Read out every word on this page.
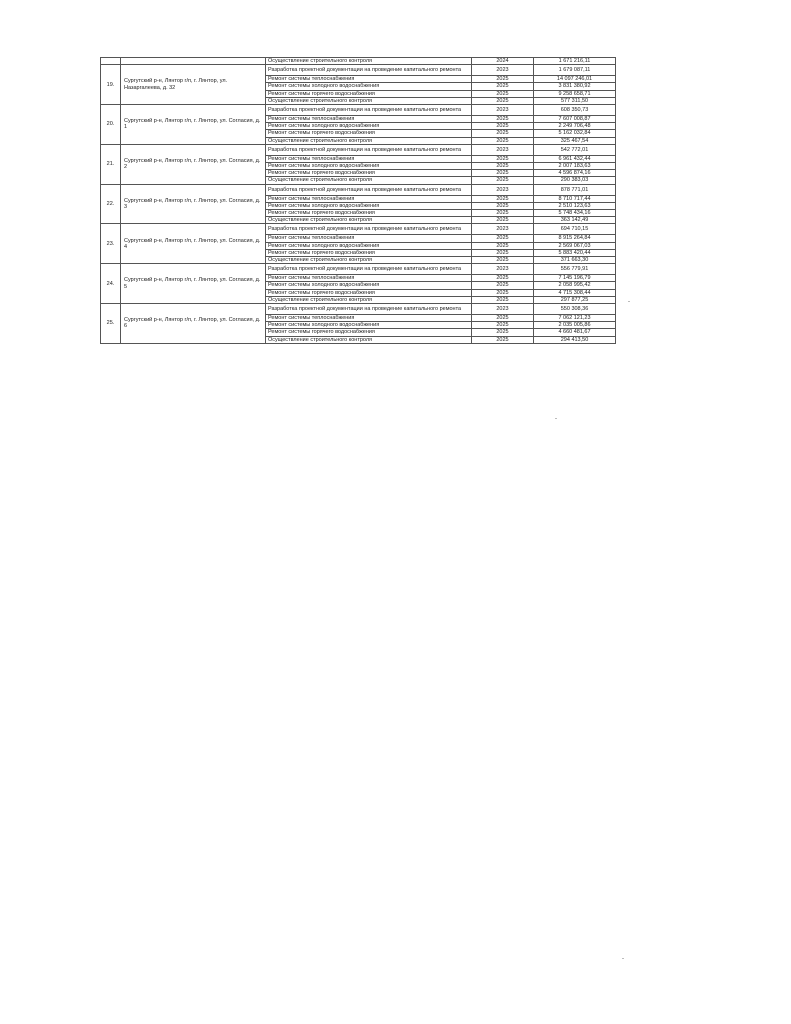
		Осуществление строительного контроля	2024	1 671 216,11	
19.	Сургутский р-н, Лянтор г/п, г. Лянтор, ул. Назаргалеева, д. 32	Разработка проектной документации на проведение капитального ремонта	2023	1 679 087,11	
		Ремонт системы теплоснабжения	2025	14 097 246,01	
		Ремонт системы холодного водоснабжения	2025	3 831 380,92	
		Ремонт системы горячего водоснабжения	2025	9 258 658,71	
		Осуществление строительного контроля	2025	577 311,50	
20.	Сургутский р-н, Лянтор г/п, г. Лянтор, ул. Согласия, д. 1	Разработка проектной документации на проведение капитального ремонта	2023	608 350,73	
		Ремонт системы теплоснабжения	2025	7 607 008,87	
		Ремонт системы холодного водоснабжения	2025	2 249 706,48	
		Ремонт системы горячего водоснабжения	2025	5 162 032,84	
		Осуществление строительного контроля	2025	325 467,54	
21.	Сургутский р-н, Лянтор г/п, г. Лянтор, ул. Согласия, д. 2	Разработка проектной документации на проведение капитального ремонта	2023	542 772,01	
		Ремонт системы теплоснабжения	2025	6 961 432,44	
		Ремонт системы холодного водоснабжения	2025	2 007 183,63	
		Ремонт системы горячего водоснабжения	2025	4 596 874,16	
		Осуществление строительного контроля	2025	290 383,03	
22.	Сургутский р-н, Лянтор г/п, г. Лянтор, ул. Согласия, д. 3	Разработка проектной документации на проведение капитального ремонта	2023	878 771,01	
		Ремонт системы теплоснабжения	2025	8 710 717,44	
		Ремонт системы холодного водоснабжения	2025	2 510 123,63	
		Ремонт системы горячего водоснабжения	2025	5 748 434,16	
		Осуществление строительного контроля	2025	363 142,49	
23.	Сургутский р-н, Лянтор г/п, г. Лянтор, ул. Согласия, д. 4	Разработка проектной документации на проведение капитального ремонта	2023	694 710,15	
		Ремонт системы теплоснабжения	2025	8 915 264,84	
		Ремонт системы холодного водоснабжения	2025	2 569 067,03	
		Ремонт системы горячего водоснабжения	2025	5 883 420,44	
		Осуществление строительного контроля	2025	371 663,30	
24.	Сургутский р-н, Лянтор г/п, г. Лянтор, ул. Согласия, д. 5	Разработка проектной документации на проведение капитального ремонта	2023	556 779,91	
		Ремонт системы теплоснабжения	2025	7 145 196,79	
		Ремонт системы холодного водоснабжения	2025	2 058 995,42	
		Ремонт системы горячего водоснабжения	2025	4 715 308,44	
		Осуществление строительного контроля	2025	297 877,25	
25.	Сургутский р-н, Лянтор г/п, г. Лянтор, ул. Согласия, д. 6	Разработка проектной документации на проведение капитального ремонта	2023	550 308,36	
		Ремонт системы теплоснабжения	2025	7 062 121,23	
		Ремонт системы холодного водоснабжения	2025	2 035 005,86	
		Ремонт системы горячего водоснабжения	2025	4 660 481,67	
		Осуществление строительного контроля	2025	294 413,50	
